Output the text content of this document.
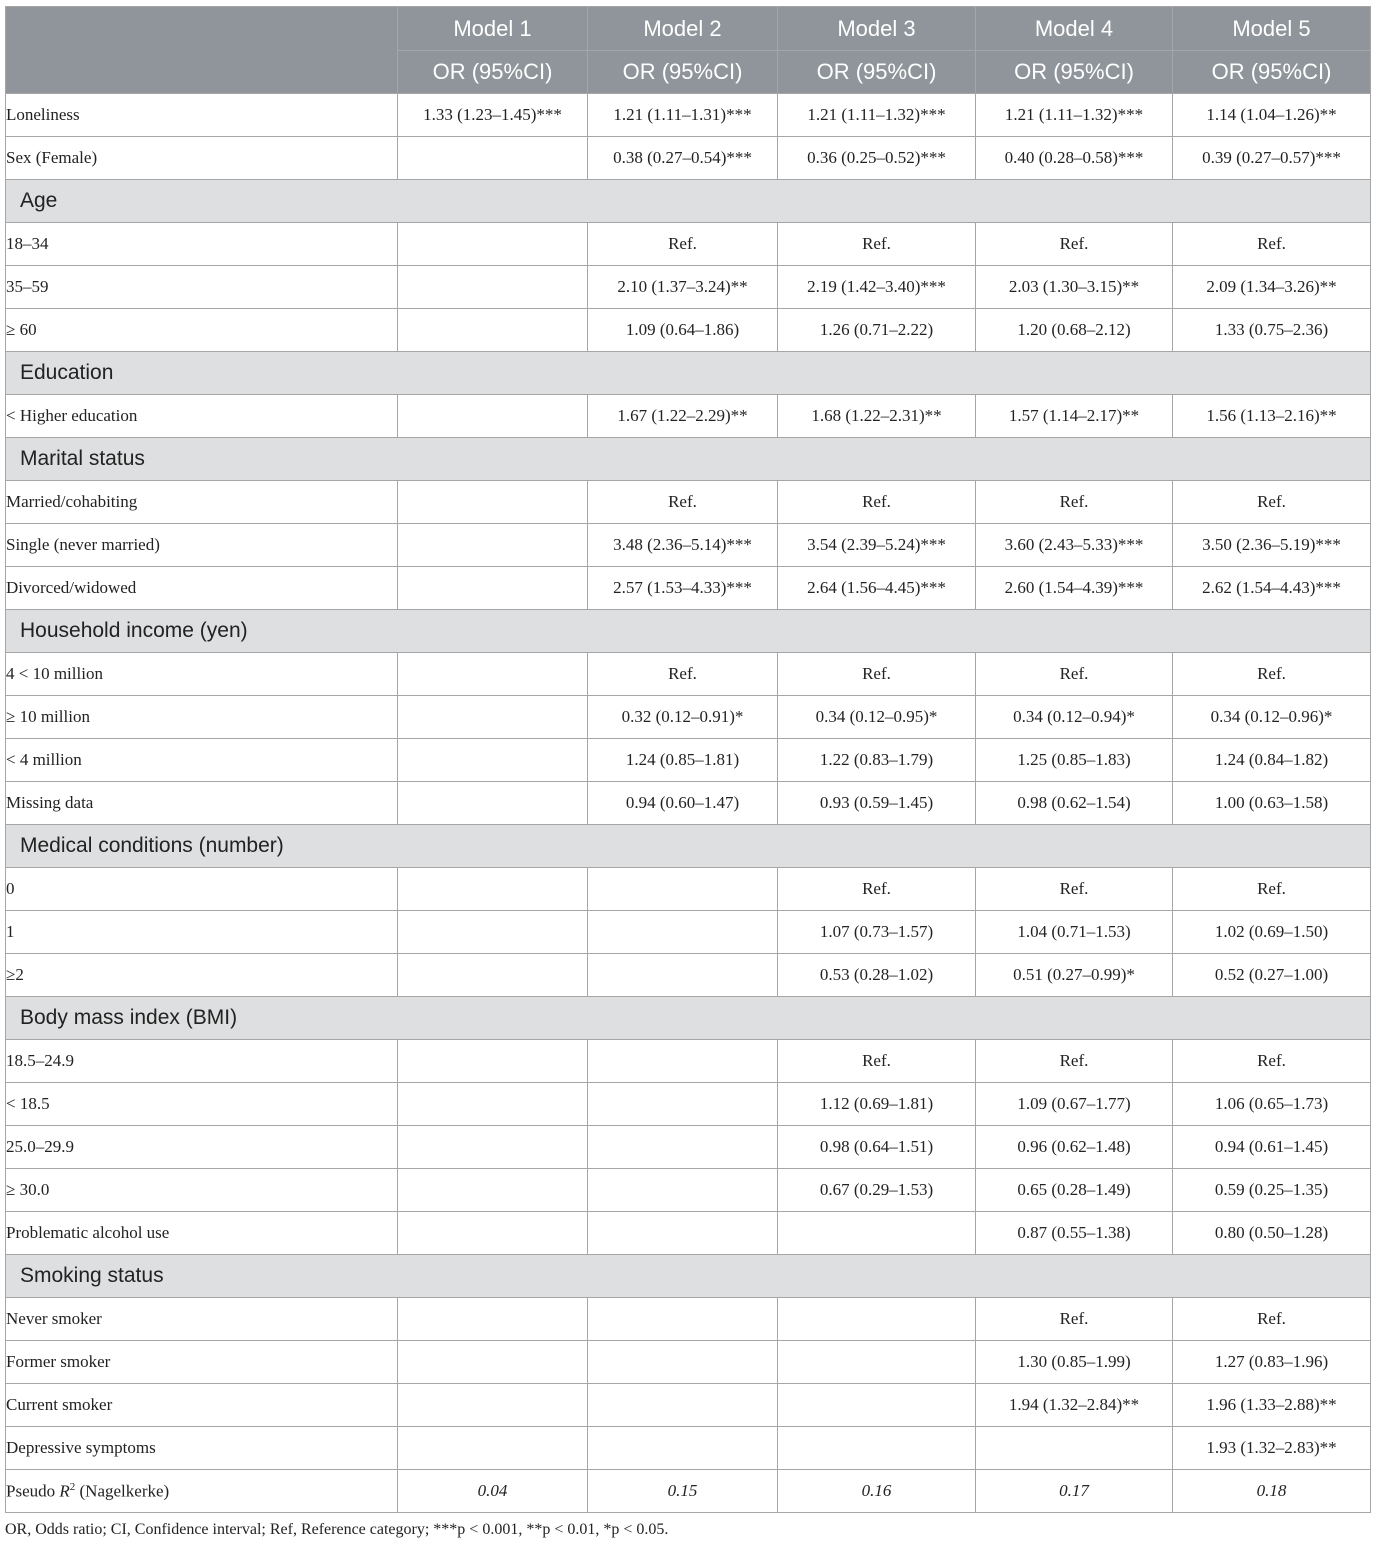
	Model 1	Model 2	Model 3	Model 4	Model 5
	OR (95%CI)	OR (95%CI)	OR (95%CI)	OR (95%CI)	OR (95%CI)
Loneliness	1.33 (1.23–1.45)***	1.21 (1.11–1.31)***	1.21 (1.11–1.32)***	1.21 (1.11–1.32)***	1.14 (1.04–1.26)**
Sex (Female)		0.38 (0.27–0.54)***	0.36 (0.25–0.52)***	0.40 (0.28–0.58)***	0.39 (0.27–0.57)***
Age					
18–34		Ref.	Ref.	Ref.	Ref.
35–59		2.10 (1.37–3.24)**	2.19 (1.42–3.40)***	2.03 (1.30–3.15)**	2.09 (1.34–3.26)**
≥ 60		1.09 (0.64–1.86)	1.26 (0.71–2.22)	1.20 (0.68–2.12)	1.33 (0.75–2.36)
Education					
< Higher education		1.67 (1.22–2.29)**	1.68 (1.22–2.31)**	1.57 (1.14–2.17)**	1.56 (1.13–2.16)**
Marital status					
Married/cohabiting		Ref.	Ref.	Ref.	Ref.
Single (never married)		3.48 (2.36–5.14)***	3.54 (2.39–5.24)***	3.60 (2.43–5.33)***	3.50 (2.36–5.19)***
Divorced/widowed		2.57 (1.53–4.33)***	2.64 (1.56–4.45)***	2.60 (1.54–4.39)***	2.62 (1.54–4.43)***
Household income (yen)					
4 < 10 million		Ref.	Ref.	Ref.	Ref.
≥ 10 million		0.32 (0.12–0.91)*	0.34 (0.12–0.95)*	0.34 (0.12–0.94)*	0.34 (0.12–0.96)*
< 4 million		1.24 (0.85–1.81)	1.22 (0.83–1.79)	1.25 (0.85–1.83)	1.24 (0.84–1.82)
Missing data		0.94 (0.60–1.47)	0.93 (0.59–1.45)	0.98 (0.62–1.54)	1.00 (0.63–1.58)
Medical conditions (number)					
0			Ref.	Ref.	Ref.
1			1.07 (0.73–1.57)	1.04 (0.71–1.53)	1.02 (0.69–1.50)
≥2			0.53 (0.28–1.02)	0.51 (0.27–0.99)*	0.52 (0.27–1.00)
Body mass index (BMI)					
18.5–24.9			Ref.	Ref.	Ref.
< 18.5			1.12 (0.69–1.81)	1.09 (0.67–1.77)	1.06 (0.65–1.73)
25.0–29.9			0.98 (0.64–1.51)	0.96 (0.62–1.48)	0.94 (0.61–1.45)
≥ 30.0			0.67 (0.29–1.53)	0.65 (0.28–1.49)	0.59 (0.25–1.35)
Problematic alcohol use				0.87 (0.55–1.38)	0.80 (0.50–1.28)
Smoking status					
Never smoker				Ref.	Ref.
Former smoker				1.30 (0.85–1.99)	1.27 (0.83–1.96)
Current smoker				1.94 (1.32–2.84)**	1.96 (1.33–2.88)**
Depressive symptoms					1.93 (1.32–2.83)**
Pseudo $R^2$ (Nagelkerke)	0.04	0.15	0.16	0.17	0.18
OR, Odds ratio; CI, Confidence interval; Ref, Reference category; ***p < 0.001, **p < 0.01, *p < 0.05.
